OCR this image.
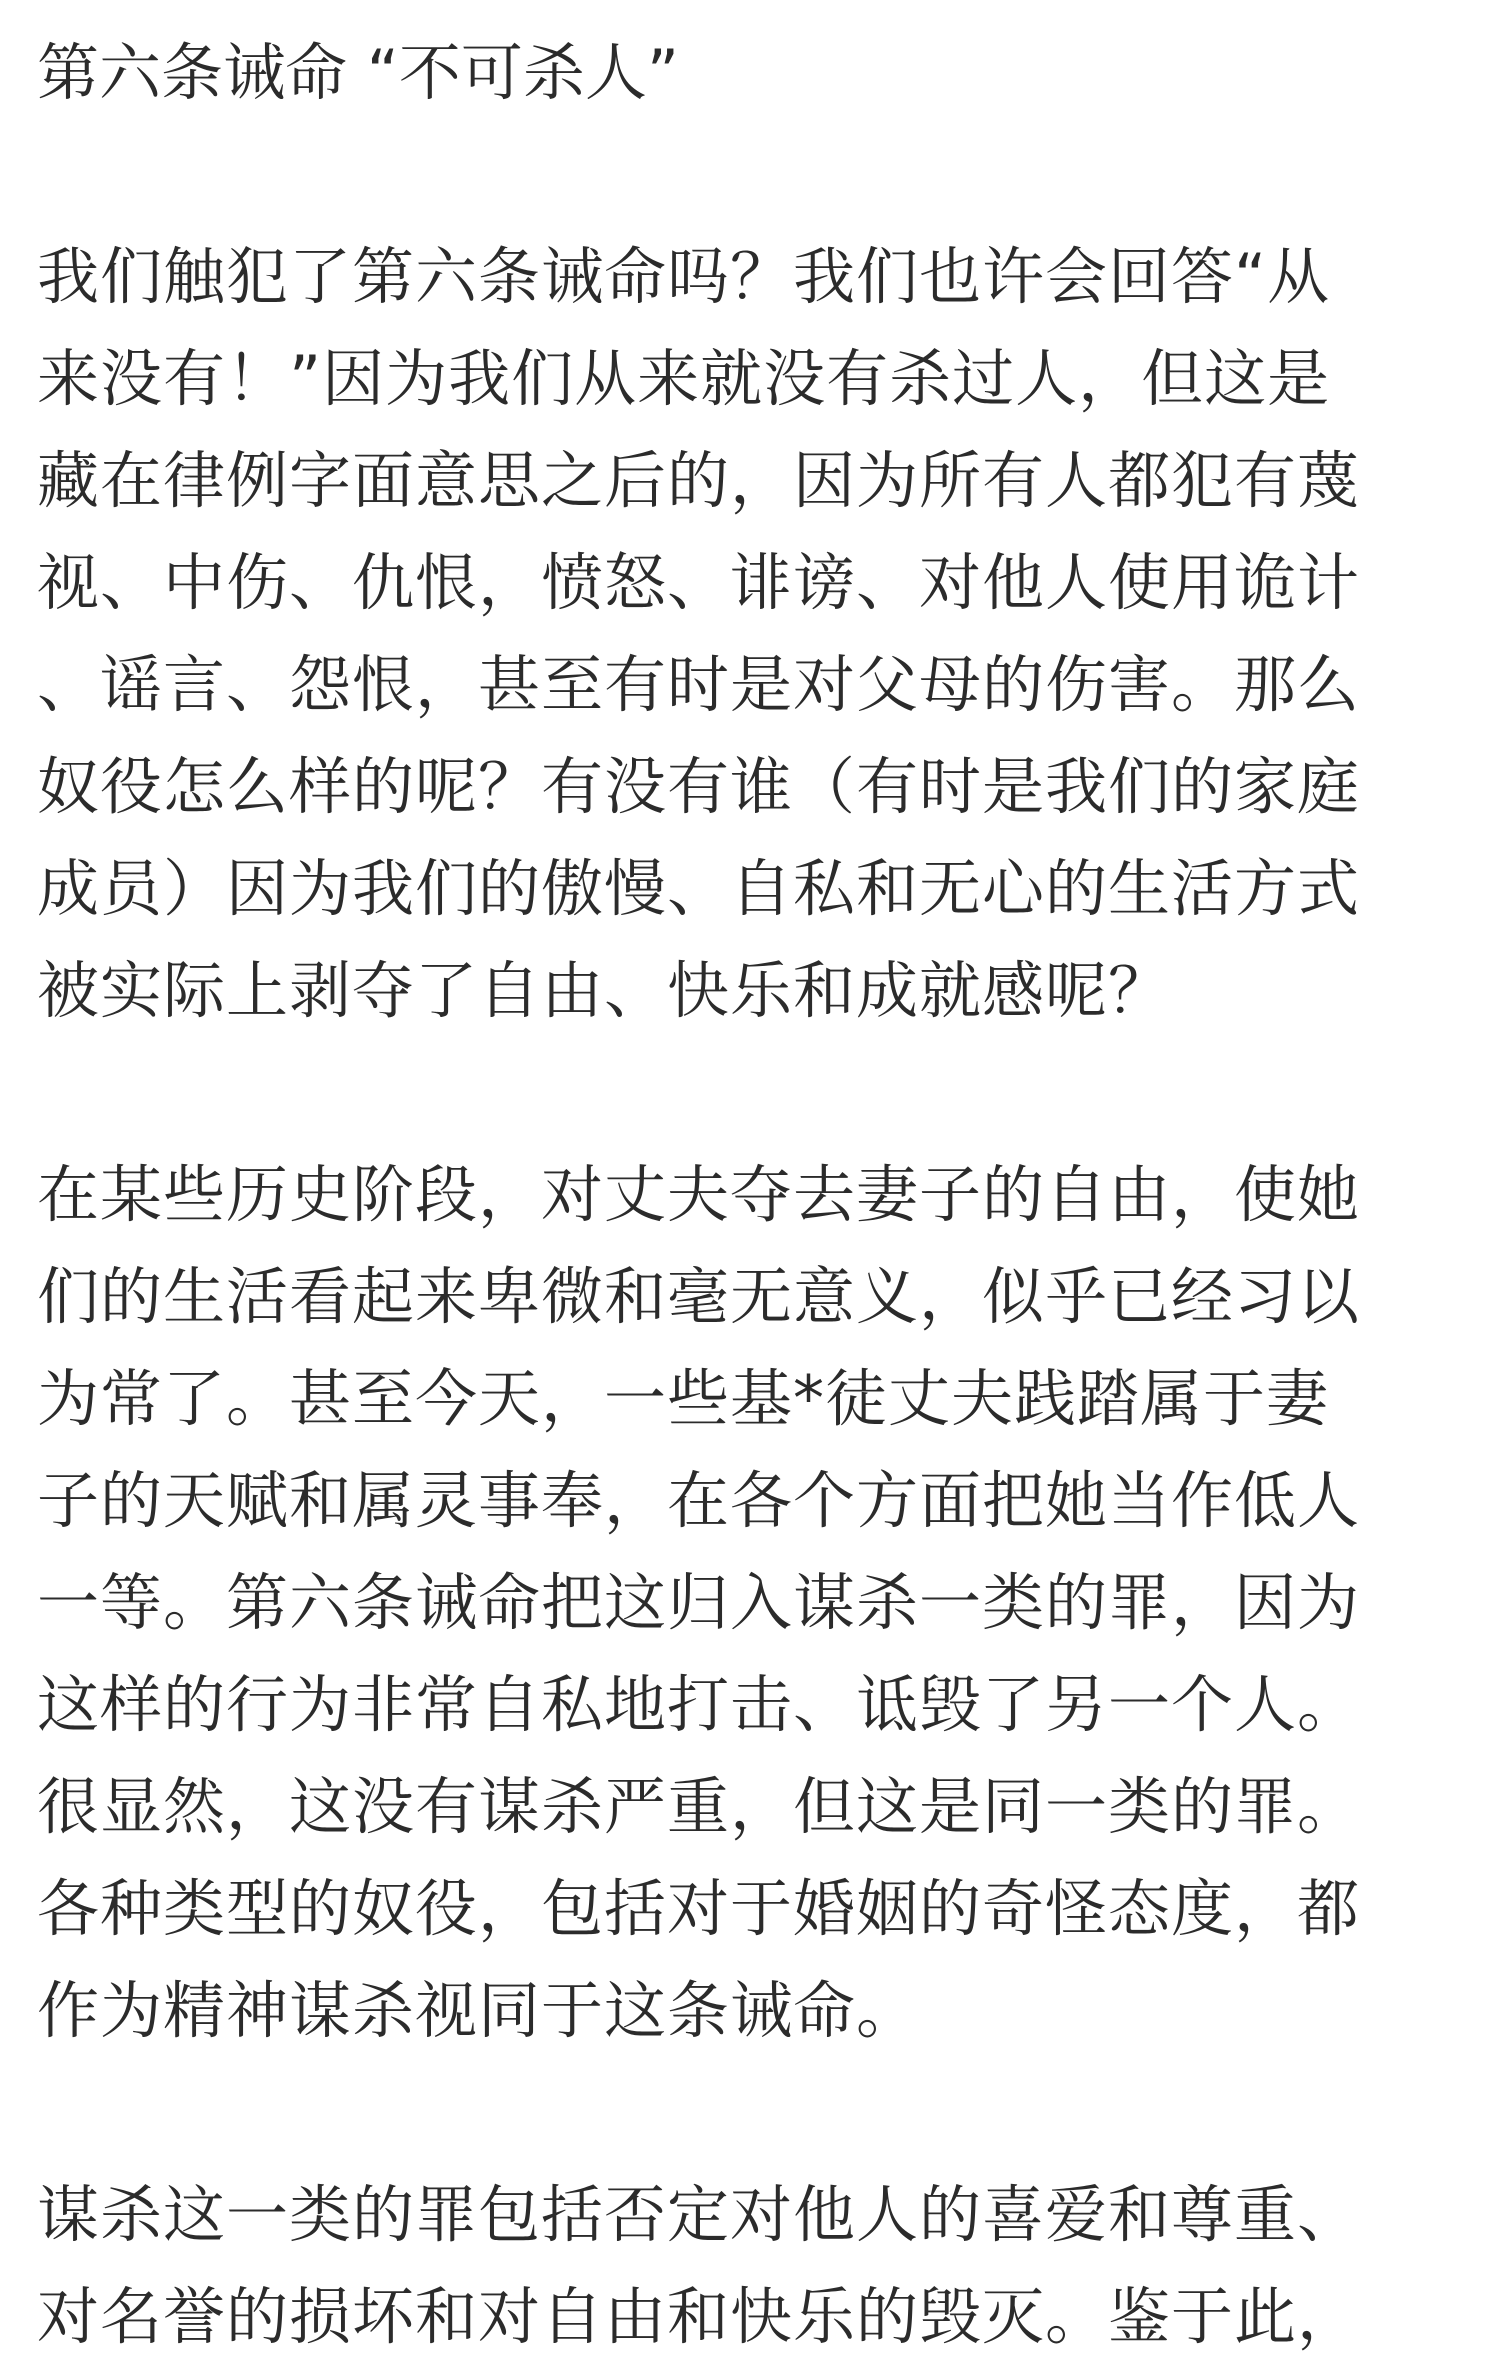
第六条诫命 “不可杀人”
我们触犯了第六条诫命吗？我们也许会回答“从
来没有！”因为我们从来就没有杀过人，但这是
藏在律例字面意思之后的，因为所有人都犯有蔑
视、中伤、仇恨，愤怒、诽谤、对他人使用诡计
、谣言、怨恨，甚至有时是对父母的伤害。那么
奴役怎么样的呢？有没有谁（有时是我们的家庭
成员）因为我们的傲慢、自私和无心的生活方式
被实际上剥夺了自由、快乐和成就感呢？
在某些历史阶段，对丈夫夺去妻子的自由，使她
们的生活看起来卑微和毫无意义，似乎已经习以
为常了。甚至今天，一些基*徒丈夫践踏属于妻
子的天赋和属灵事奉，在各个方面把她当作低人
一等。第六条诫命把这归入谋杀一类的罪，因为
这样的行为非常自私地打击、诋毁了另一个人。
很显然，这没有谋杀严重，但这是同一类的罪。
各种类型的奴役，包括对于婚姻的奇怪态度，都
作为精神谋杀视同于这条诫命。
谋杀这一类的罪包括否定对他人的喜爱和尊重、
对名誉的损坏和对自由和快乐的毁灭。鉴于此，
